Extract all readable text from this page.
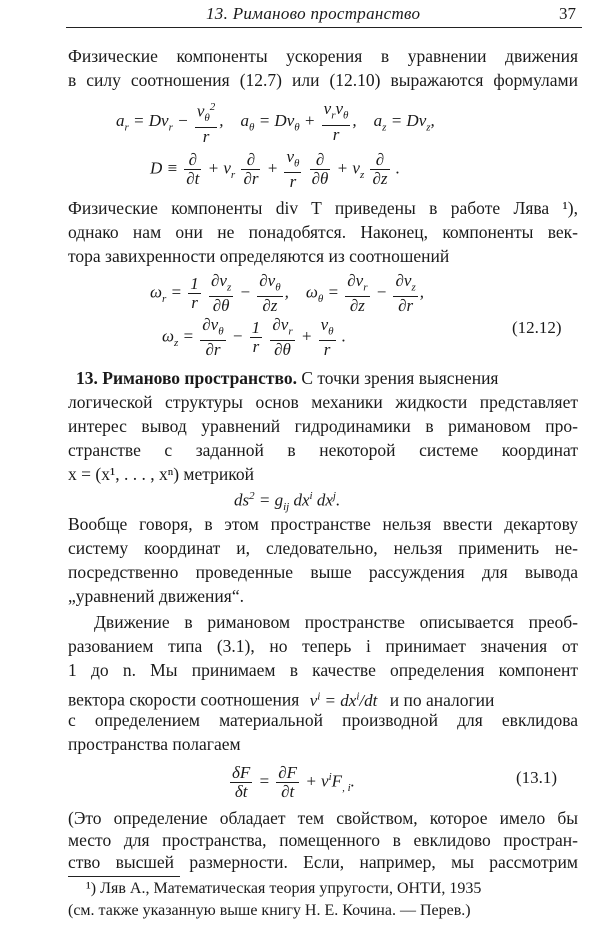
13. Риманово пространство	37
Физические компоненты ускорения в уравнении движения
в силу соотношения (12.7) или (12.10) выражаются формулами
$a_r = Dv_r - \frac{v_\theta^2}{r}$ ,    $a_\theta = Dv_\theta + \frac{v_rv_\theta}{r}$ ,    $a_z = Dv_z$,
$D \equiv \frac{\partial}{\partial t} + v_r \frac{\partial}{\partial r} + \frac{v_\theta}{r}$
$\frac{\partial}{\partial\theta} + v_z \frac{\partial}{\partial z}$ .
Физические компоненты div T приведены в работе Лява ¹),
однако нам они не понадобятся. Наконец, компоненты век-
тора завихренности определяются из соотношений
$\omega_r = \frac{1}{r}$
$\frac{\partial v_z}{\partial\theta} - \frac{\partial v_\theta}{\partial z}$ ,    $\omega_\theta = \frac{\partial v_r}{\partial z} - \frac{\partial v_z}{\partial r}$ ,
$\omega_z = \frac{\partial v_\theta}{\partial r} - \frac{1}{r}$
$\frac{\partial v_r}{\partial\theta} + \frac{v_\theta}{r}$ .	(12.12)
13. Риманово пространство. С точки зрения выяснения
логической структуры основ механики жидкости представляет
интерес вывод уравнений гидродинамики в римановом про-
странстве с заданной в некоторой системе координат
x = (x¹, . . . , xⁿ) метрикой
$ds^2 = g_{ij}$ $dx^i$ $dx^j$.
Вообще говоря, в этом пространстве нельзя ввести декартову
систему координат и, следовательно, нельзя применить не-
посредственно проведенные выше рассуждения для вывода
„уравнений движения“.
Движение в римановом пространстве описывается преоб-
разованием типа (3.1), но теперь i принимает значения от
1 до n. Мы принимаем в качестве определения компонент
вектора скорости соотношения $v^i = dx^i/dt$ и по аналогии
с определением материальной производной для евклидова
пространства полагаем
$\frac{\delta F}{\delta t} = \frac{\partial F}{\partial t} + v^iF_{, i}$.	(13.1)
(Это определение обладает тем свойством, которое имело бы
место для пространства, помещенного в евклидово простран-
ство высшей размерности. Если, например, мы рассмотрим
¹) Ляв А., Математическая теория упругости, ОНТИ, 1935
(см. также указанную выше книгу Н. Е. Кочина. — Перев.)
